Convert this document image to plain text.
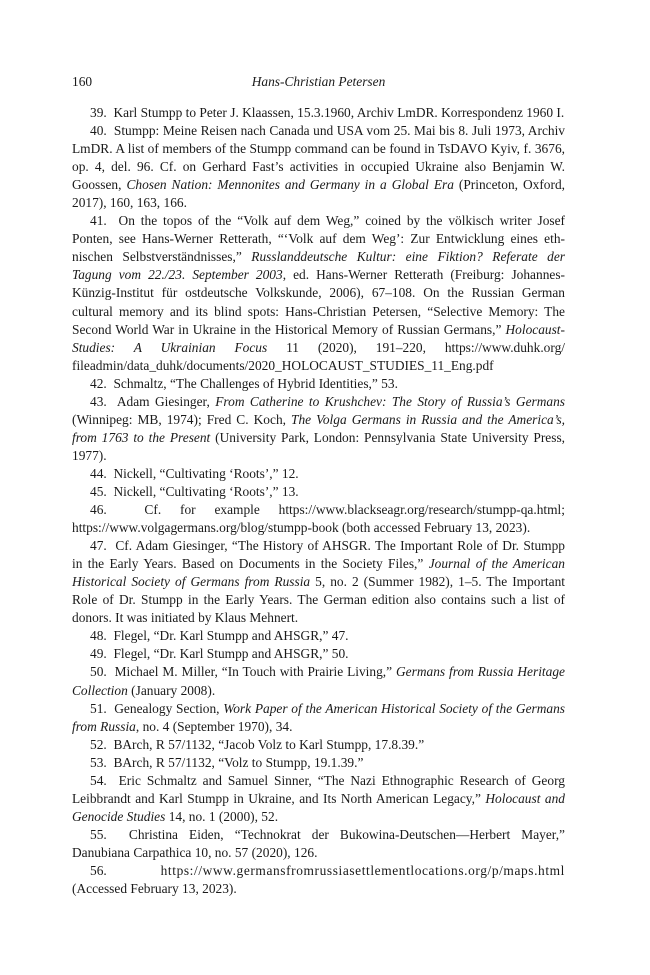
160	Hans-Christian Petersen

39. Karl Stumpp to Peter J. Klaassen, 15.3.1960, Archiv LmDR. Korrespondenz 1960 I.

40. Stumpp: Meine Reisen nach Canada und USA vom 25. Mai bis 8. Juli 1973, Archiv LmDR. A list of members of the Stumpp command can be found in TsDAVO Kyiv, f. 3676, op. 4, del. 96. Cf. on Gerhard Fast’s activities in occupied Ukraine also Benjamin W. Goossen, Chosen Nation: Mennonites and Germany in a Global Era (Princeton, Oxford, 2017), 160, 163, 166.

41. On the topos of the “Volk auf dem Weg,” coined by the völkisch writer Josef Ponten, see Hans-Werner Retterath, “‘Volk auf dem Weg’: Zur Entwicklung eines ethnischen Selbstverständnisses,” Russlanddeutsche Kultur: eine Fiktion? Referate der Tagung vom 22./23. September 2003, ed. Hans-Werner Retterath (Freiburg: Johannes-Künzig-Institut für ostdeutsche Volkskunde, 2006), 67–108. On the Russian German cultural memory and its blind spots: Hans-Christian Petersen, “Selective Memory: The Second World War in Ukraine in the Historical Memory of Russian Germans,” Holocaust-Studies: A Ukrainian Focus 11 (2020), 191–220, https://www.duhk.org/ fileadmin/data_duhk/documents/2020_HOLOCAUST_STUDIES_11_Eng.pdf

42. Schmaltz, “The Challenges of Hybrid Identities,” 53.

43. Adam Giesinger, From Catherine to Krushchev: The Story of Russia’s Germans (Winnipeg: MB, 1974); Fred C. Koch, The Volga Germans in Russia and the America’s, from 1763 to the Present (University Park, London: Pennsylvania State University Press, 1977).

44. Nickell, “Cultivating ‘Roots’,” 12.

45. Nickell, “Cultivating ‘Roots’,” 13.

46.	Cf. for example https://www.blackseagr.org/research/stumpp-qa.html; https://www.volgagermans.org/blog/stumpp-book (both accessed February 13, 2023).

47. Cf. Adam Giesinger, “The History of AHSGR. The Important Role of Dr. Stumpp in the Early Years. Based on Documents in the Society Files,” Journal of the American Historical Society of Germans from Russia 5, no. 2 (Summer 1982), 1–5. The Important Role of Dr. Stumpp in the Early Years. The German edition also contains such a list of donors. It was initiated by Klaus Mehnert.

48. Flegel, “Dr. Karl Stumpp and AHSGR,” 47.

49. Flegel, “Dr. Karl Stumpp and AHSGR,” 50.

50. Michael M. Miller, “In Touch with Prairie Living,” Germans from Russia Heritage Collection (January 2008).

51. Genealogy Section, Work Paper of the American Historical Society of the Germans from Russia, no. 4 (September 1970), 34.

52. BArch, R 57/1132, “Jacob Volz to Karl Stumpp, 17.8.39.”

53. BArch, R 57/1132, “Volz to Stumpp, 19.1.39.”

54. Eric Schmaltz and Samuel Sinner, “The Nazi Ethnographic Research of Georg Leibbrandt and Karl Stumpp in Ukraine, and Its North American Legacy,” Holocaust and Genocide Studies 14, no. 1 (2000), 52.

55. Christina Eiden, “Technokrat der Bukowina-Deutschen—Herbert Mayer,” Danubiana Carpathica 10, no. 57 (2020), 126.

56.	https://www.germansfromrussiasettlementlocations.org/p/maps.html (Accessed February 13, 2023).
